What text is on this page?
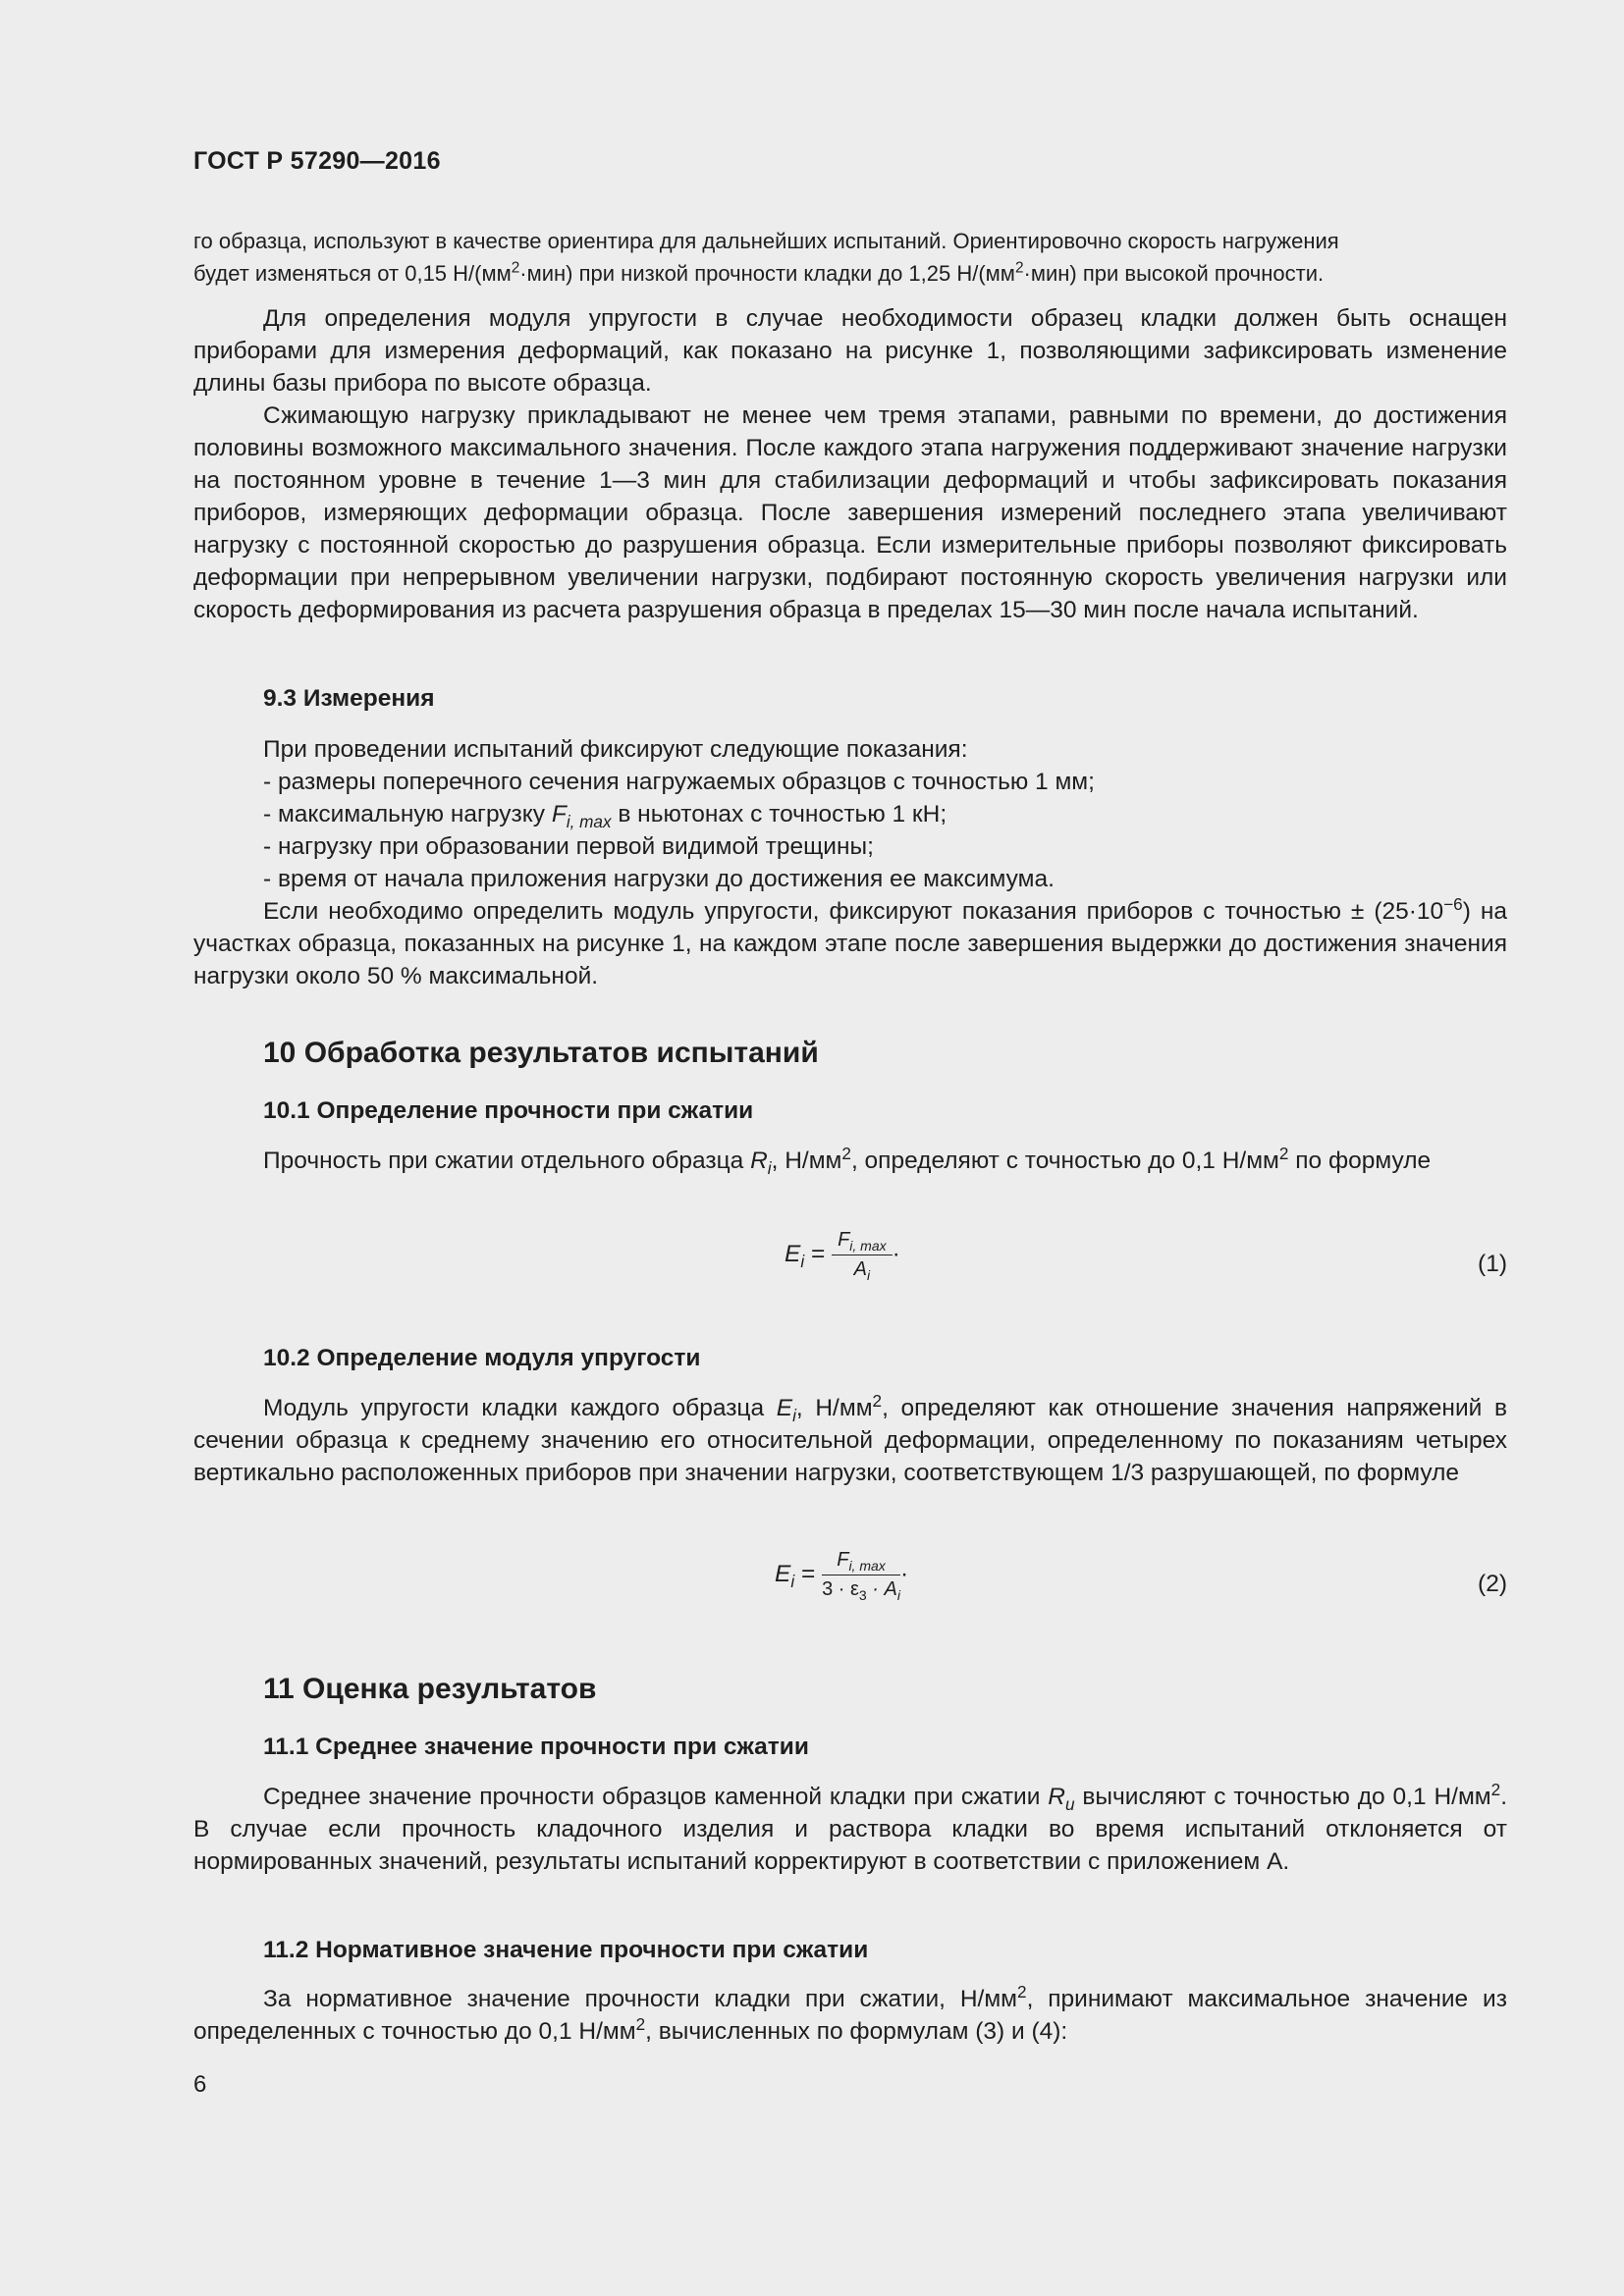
ГОСТ Р 57290—2016

го образца, используют в качестве ориентира для дальнейших испытаний. Ориентировочно скорость нагружения

будет изменяться от 0,15 $Н/(мм^2\cdot мин)$ при низкой прочности кладки до 1,25 $Н/(мм^2\cdot мин)$ при высокой прочности.

Для определения модуля упругости в случае необходимости образец кладки должен быть оснащен приборами для измерения деформаций, как показано на рисунке 1, позволяющими зафиксировать изменение длины базы прибора по высоте образца.

Сжимающую нагрузку прикладывают не менее чем тремя этапами, равными по времени, до достижения половины возможного максимального значения. После каждого этапа нагружения поддерживают значение нагрузки на постоянном уровне в течение 1—3 мин для стабилизации деформаций и чтобы зафиксировать показания приборов, измеряющих деформации образца. После завершения измерений последнего этапа увеличивают нагрузку с постоянной скоростью до разрушения образца. Если измерительные приборы позволяют фиксировать деформации при непрерывном увеличении нагрузки, подбирают постоянную скорость увеличения нагрузки или скорость деформирования из расчета разрушения образца в пределах 15—30 мин после начала испытаний.

9.3 Измерения
При проведении испытаний фиксируют следующие показания:
- размеры поперечного сечения нагружаемых образцов с точностью 1 мм;
- максимальную нагрузку $F_{i, max}$ в ньютонах с точностью 1 кН;
- нагрузку при образовании первой видимой трещины;
- время от начала приложения нагрузки до достижения ее максимума.

Если необходимо определить модуль упругости, фиксируют показания приборов с точностью ± $(25\cdot 10^{-6})$ на участках образца, показанных на рисунке 1, на каждом этапе после завершения выдержки до достижения значения нагрузки около 50 % максимальной.

10 Обработка результатов испытаний
10.1 Определение прочности при сжатии

Прочность при сжатии отдельного образца $R_i$, $Н/мм^2$, определяют с точностью до 0,1 $Н/мм^2$ по формуле

$E_i = \frac{F_{i, max}}{A_i}$ ·	(1)
10.2 Определение модуля упругости

Модуль упругости кладки каждого образца $E_i$, $Н/мм^2$, определяют как отношение значения напряжений в сечении образца к среднему значению его относительной деформации, определенному по показаниям четырех вертикально расположенных приборов при значении нагрузки, соответствующем 1/3 разрушающей, по формуле

$E_i = \frac{F_{i, max}}{3 \cdot \varepsilon_3 \cdot A_i}$ ·	(2)
11 Оценка результатов
11.1 Среднее значение прочности при сжатии

Среднее значение прочности образцов каменной кладки при сжатии $R_u$ вычисляют с точностью до 0,1 $Н/мм^2$. В случае если прочность кладочного изделия и раствора кладки во время испытаний отклоняется от нормированных значений, результаты испытаний корректируют в соответствии с приложением А.

11.2 Нормативное значение прочности при сжатии

За нормативное значение прочности кладки при сжатии, $Н/мм^2$, принимают максимальное значение из определенных с точностью до 0,1 $Н/мм^2$, вычисленных по формулам (3) и (4):

6
